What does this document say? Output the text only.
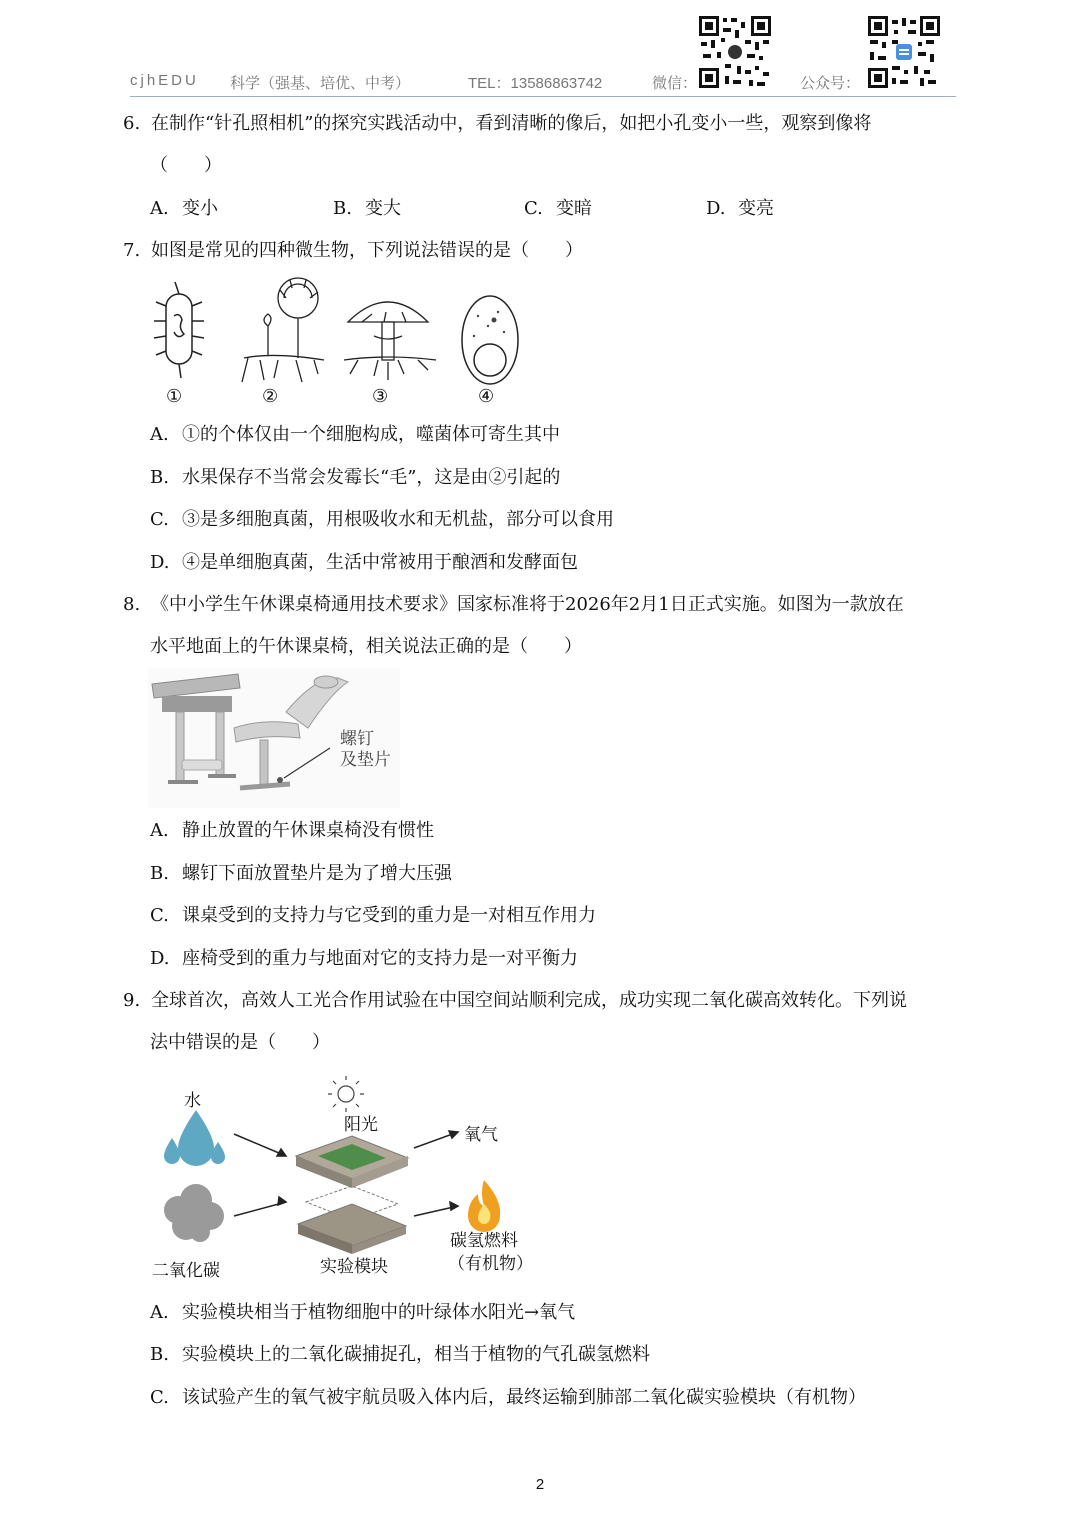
cjhEDU 科学（强基、培优、中考）	TEL：13586863742	微信：	公众号：
6. 在制作“针孔照相机”的探究实践活动中，看到清晰的像后，如把小孔变小一些，观察到像将
（　　）
A. 变小	B. 变大	C. 变暗	D. 变亮
7. 如图是常见的四种微生物，下列说法错误的是（　　）
①	②	③	④
A. ①的个体仅由一个细胞构成，噬菌体可寄生其中
B. 水果保存不当常会发霉长“毛”，这是由②引起的
C. ③是多细胞真菌，用根吸收水和无机盐，部分可以食用
D. ④是单细胞真菌，生活中常被用于酿酒和发酵面包
8. 《中小学生午休课桌椅通用技术要求》国家标准将于2026年2月1日正式实施。如图为一款放在
水平地面上的午休课桌椅，相关说法正确的是（　　）
螺钉
及垫片
A. 静止放置的午休课桌椅没有惯性
B. 螺钉下面放置垫片是为了增大压强
C. 课桌受到的支持力与它受到的重力是一对相互作用力
D. 座椅受到的重力与地面对它的支持力是一对平衡力
9. 全球首次，高效人工光合作用试验在中国空间站顺利完成，成功实现二氧化碳高效转化。下列说
法中错误的是（　　）
水
阳光
氧气
二氧化碳	实验模块
碳氢燃料
（有机物）
A. 实验模块相当于植物细胞中的叶绿体水阳光→氧气
B. 实验模块上的二氧化碳捕捉孔，相当于植物的气孔碳氢燃料
C. 该试验产生的氧气被宇航员吸入体内后，最终运输到肺部二氧化碳实验模块（有机物）
2
